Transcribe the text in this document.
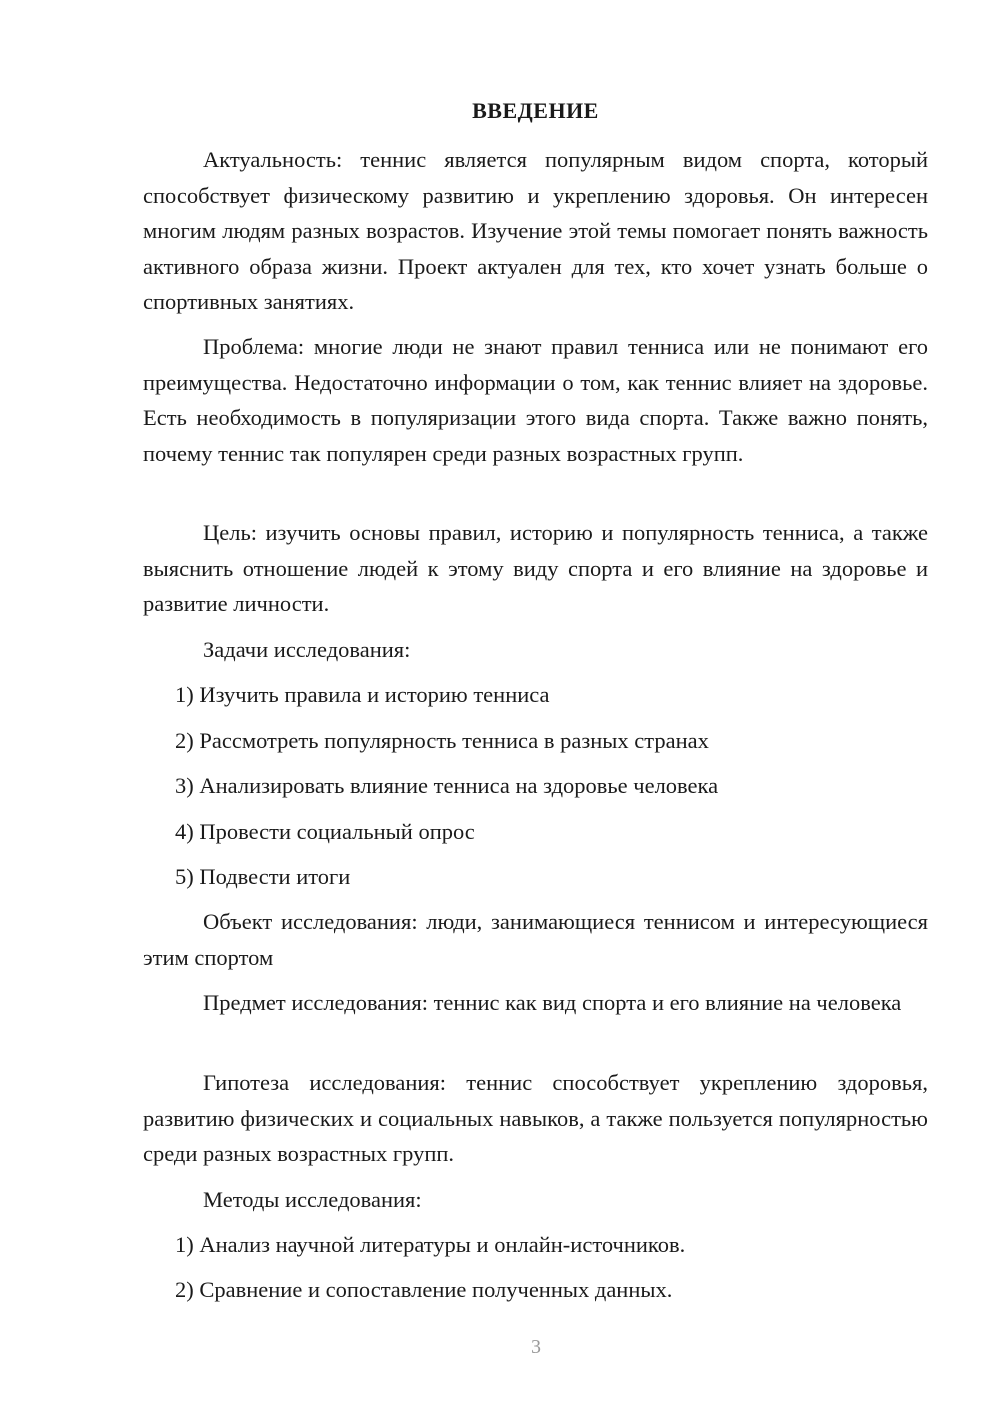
ВВЕДЕНИЕ

Актуальность: теннис является популярным видом спорта, который способствует физическому развитию и укреплению здоровья. Он интересен многим людям разных возрастов. Изучение этой темы помогает понять важность активного образа жизни. Проект актуален для тех, кто хочет узнать больше о спортивных занятиях.

Проблема: многие люди не знают правил тенниса или не понимают его преимущества. Недостаточно информации о том, как теннис влияет на здоровье. Есть необходимость в популяризации этого вида спорта. Также важно понять, почему теннис так популярен среди разных возрастных групп.

Цель: изучить основы правил, историю и популярность тенниса, а также выяснить отношение людей к этому виду спорта и его влияние на здоровье и развитие личности.

Задачи исследования:
1) Изучить правила и историю тенниса
2) Рассмотреть популярность тенниса в разных странах
3) Анализировать влияние тенниса на здоровье человека
4) Провести социальный опрос
5) Подвести итоги

Объект исследования: люди, занимающиеся теннисом и интересующиеся этим спортом

Предмет исследования: теннис как вид спорта и его влияние на человека

Гипотеза исследования: теннис способствует укреплению здоровья, развитию физических и социальных навыков, а также пользуется популярностью среди разных возрастных групп.

Методы исследования:
1) Анализ научной литературы и онлайн-источников.
2) Сравнение и сопоставление полученных данных.
3
